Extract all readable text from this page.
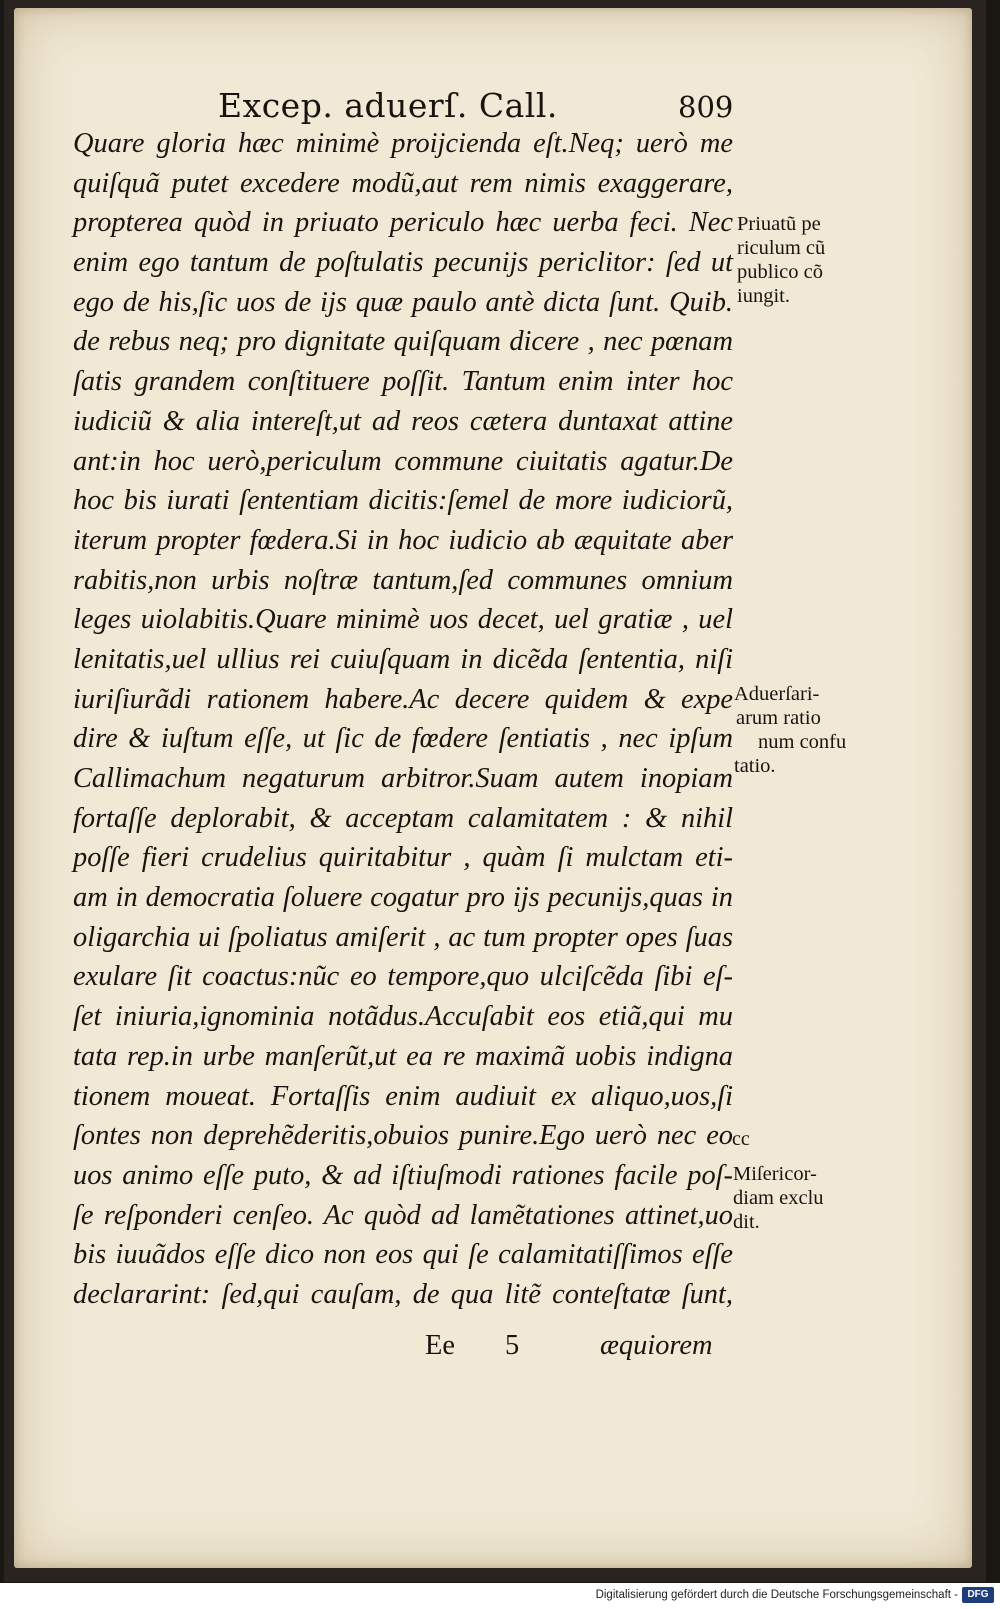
Excep. aduerſ. Call.	809
Quare gloria hæc minimè proijcienda eſt.Neq; uerò me
quiſquã putet excedere modũ,aut rem nimis exaggerare,
propterea quòd in priuato periculo hæc uerba feci. Nec
enim ego tantum de poſtulatis pecunijs periclitor: ſed ut
ego de his,ſic uos de ijs quæ paulo antè dicta ſunt. Quib.
de rebus neq; pro dignitate quiſquam dicere , nec pœnam
ſatis grandem conſtituere poſſit. Tantum enim inter hoc
iudiciũ & alia intereſt,ut ad reos cætera duntaxat attine
ant:in hoc uerò,periculum commune ciuitatis agatur.De
hoc bis iurati ſententiam dicitis:ſemel de more iudiciorũ,
iterum propter fœdera.Si in hoc iudicio ab æquitate aber
rabitis,non urbis noſtræ tantum,ſed communes omnium
leges uiolabitis.Quare minimè uos decet, uel gratiæ , uel
lenitatis,uel ullius rei cuiuſquam in dicẽda ſententia, niſi
iuriſiurãdi rationem habere.Ac decere quidem & expe
dire & iuſtum eſſe, ut ſic de fœdere ſentiatis , nec ipſum
Callimachum negaturum arbitror.Suam autem inopiam
fortaſſe deplorabit, & acceptam calamitatem : & nihil
poſſe fieri crudelius quiritabitur , quàm ſi mulctam eti-
am in democratia ſoluere cogatur pro ijs pecunijs,quas in
oligarchia ui ſpoliatus amiſerit , ac tum propter opes ſuas
exulare ſit coactus:nũc eo tempore,quo ulciſcẽda ſibi eſ-
ſet iniuria,ignominia notãdus.Accuſabit eos etiã,qui mu
tata rep.in urbe manſerũt,ut ea re maximã uobis indigna
tionem moueat. Fortaſſis enim audiuit ex aliquo,uos,ſi
ſontes non deprehẽderitis,obuios punire.Ego uerò nec eo
uos animo eſſe puto, & ad iſtiuſmodi rationes facile poſ-
ſe reſponderi cenſeo. Ac quòd ad lamẽtationes attinet,uo
bis iuuãdos eſſe dico non eos qui ſe calamitatiſſimos eſſe
declararint: ſed,qui cauſam, de qua litẽ conteſtatæ ſunt,
Priuatũ pe
riculum cũ
publico cõ
iungit.
Aduerſari-
arum ratio
num confu
tatio.
cc
Miſericor-
diam exclu
dit.
Ee 5	æquiorem
Digitalisierung gefördert durch die Deutsche Forschungsgemeinschaft - DFG
